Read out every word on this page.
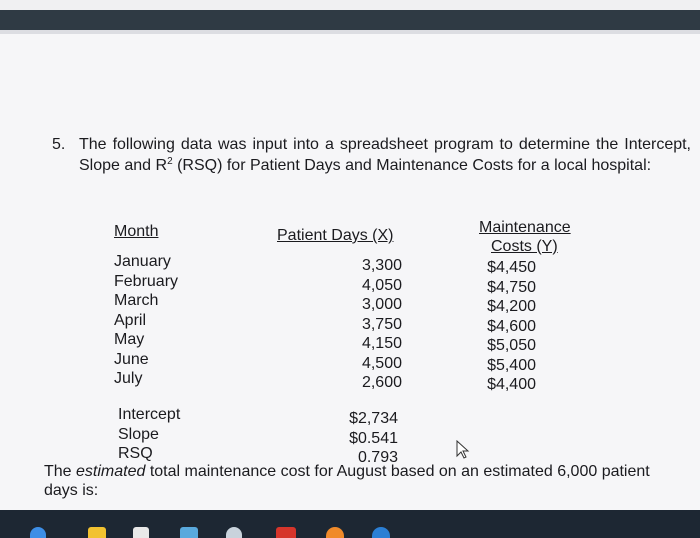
5. The following data was input into a spreadsheet program to determine the Intercept, Slope and $R^2$ (RSQ) for Patient Days and Maintenance Costs for a local hospital:
Month	Patient Days (X)	Maintenance
Costs (Y)
January
February
March
April
May
June
July
3,300
4,050
3,000
3,750
4,150
4,500
2,600
$4,450
$4,750
$4,200
$4,600
$5,050
$5,400
$4,400
Intercept
Slope
RSQ
$2,734
$0.541
0.793
The estimated total maintenance cost for August based on an estimated 6,000 patient days is:
